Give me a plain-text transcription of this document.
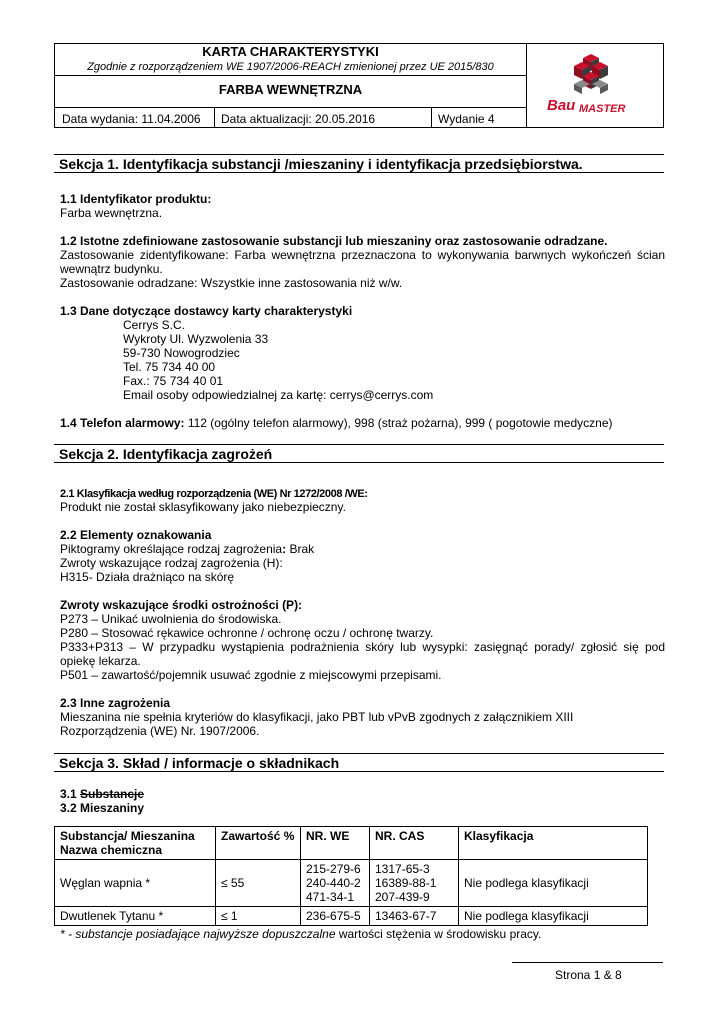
KARTA CHARAKTERYSTYKI
Zgodnie z rozporządzeniem WE 1907/2006-REACH zmienionej przez UE 2015/830
FARBA WEWNĘTRZNA
Data wydania: 11.04.2006 Data aktualizacji: 20.05.2016	Wydanie 4
Bau MASTER
Sekcja 1. Identyfikacja substancji /mieszaniny i identyfikacja przedsiębiorstwa.
1.1 Identyfikator produktu:
Farba wewnętrzna.
1.2 Istotne zdefiniowane zastosowanie substancji lub mieszaniny oraz zastosowanie odradzane.
Zastosowanie zidentyfikowane: Farba wewnętrzna przeznaczona to wykonywania barwnych wykończeń ścian wewnątrz budynku.
Zastosowanie odradzane: Wszystkie inne zastosowania niż w/w.
1.3 Dane dotyczące dostawcy karty charakterystyki
Cerrys S.C.
Wykroty Ul. Wyzwolenia 33
59-730 Nowogrodziec
Tel. 75 734 40 00
Fax.: 75 734 40 01
Email osoby odpowiedzialnej za kartę: cerrys@cerrys.com
1.4 Telefon alarmowy: 112 (ogólny telefon alarmowy), 998 (straż pożarna), 999 ( pogotowie medyczne)
Sekcja 2. Identyfikacja zagrożeń
2.1 Klasyfikacja według rozporządzenia (WE) Nr 1272/2008 /WE:
Produkt nie został sklasyfikowany jako niebezpieczny.
2.2 Elementy oznakowania
Piktogramy określające rodzaj zagrożenia: Brak
Zwroty wskazujące rodzaj zagrożenia (H):
H315- Działa drażniąco na skórę
Zwroty wskazujące środki ostrożności (P):
P273 – Unikać uwolnienia do środowiska.
P280 – Stosować rękawice ochronne / ochronę oczu / ochronę twarzy.
P333+P313 – W przypadku wystąpienia podrażnienia skóry lub wysypki: zasięgnąć porady/ zgłosić się pod opiekę lekarza.
P501 – zawartość/pojemnik usuwać zgodnie z miejscowymi przepisami.
2.3 Inne zagrożenia
Mieszanina nie spełnia kryteriów do klasyfikacji, jako PBT lub vPvB zgodnych z załącznikiem XIII Rozporządzenia (WE) Nr. 1907/2006.
Sekcja 3. Skład / informacje o składnikach
3.1 Substancje
3.2 Mieszaniny
Substancja/ Mieszanina Nazwa chemiczna	Zawartość %	NR. WE	NR. CAS	Klasyfikacja
Węglan wapnia *	≤ 55	215-279-6 240-440-2 471-34-1	1317-65-3 16389-88-1 207-439-9	Nie podlega klasyfikacji
Dwutlenek Tytanu *	≤ 1	236-675-5	13463-67-7	Nie podlega klasyfikacji
* - substancje posiadające najwyższe dopuszczalne wartości stężenia w środowisku pracy.
Strona 1 & 8
